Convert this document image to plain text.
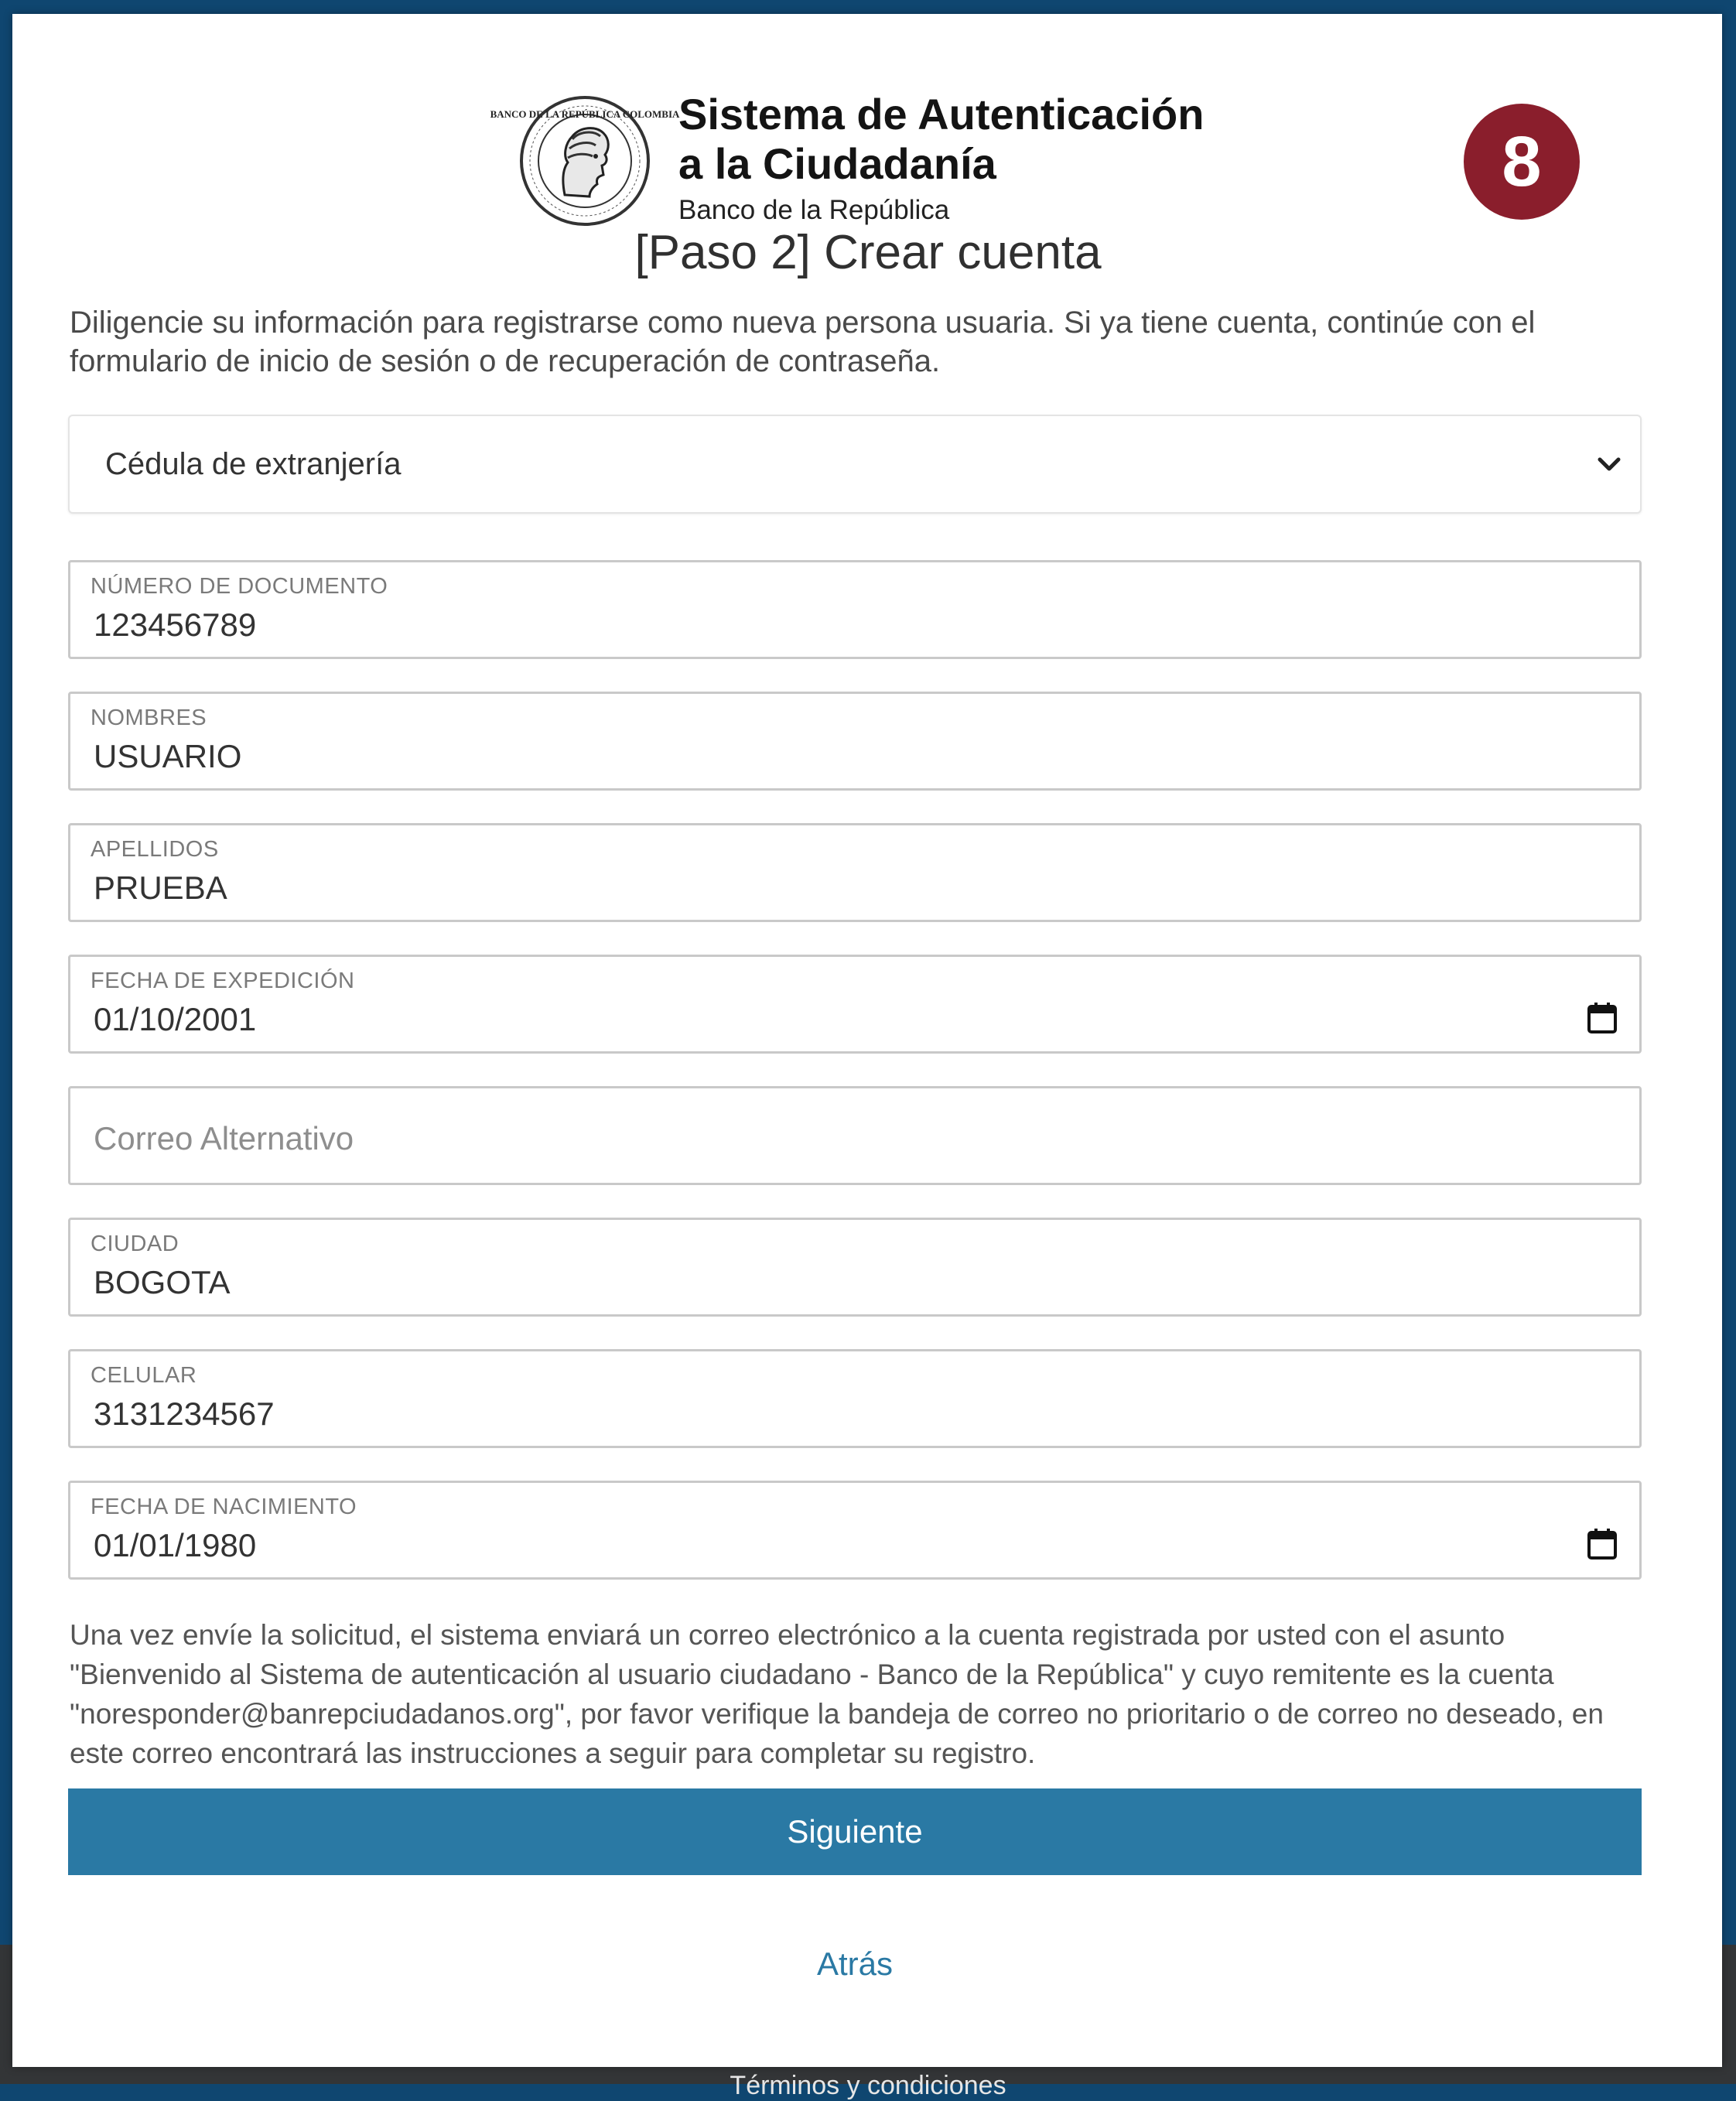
Términos y condiciones
BANCO DE LA REPÚBLICA COLOMBIA
Sistema de Autenticación a la Ciudadanía
Banco de la República
8
[Paso 2] Crear cuenta
Diligencie su información para registrarse como nueva persona usuaria. Si ya tiene cuenta, continúe con el formulario de inicio de sesión o de recuperación de contraseña.
Cédula de extranjería
NÚMERO DE DOCUMENTO
123456789
NOMBRES
USUARIO
APELLIDOS
PRUEBA
FECHA DE EXPEDICIÓN
01/10/2001
Correo Alternativo
CIUDAD
BOGOTA
CELULAR
3131234567
FECHA DE NACIMIENTO
01/01/1980
Una vez envíe la solicitud, el sistema enviará un correo electrónico a la cuenta registrada por usted con el asunto "Bienvenido al Sistema de autenticación al usuario ciudadano - Banco de la República" y cuyo remitente es la cuenta "noresponder@banrepciudadanos.org", por favor verifique la bandeja de correo no prioritario o de correo no deseado, en este correo encontrará las instrucciones a seguir para completar su registro.
Siguiente
Atrás
